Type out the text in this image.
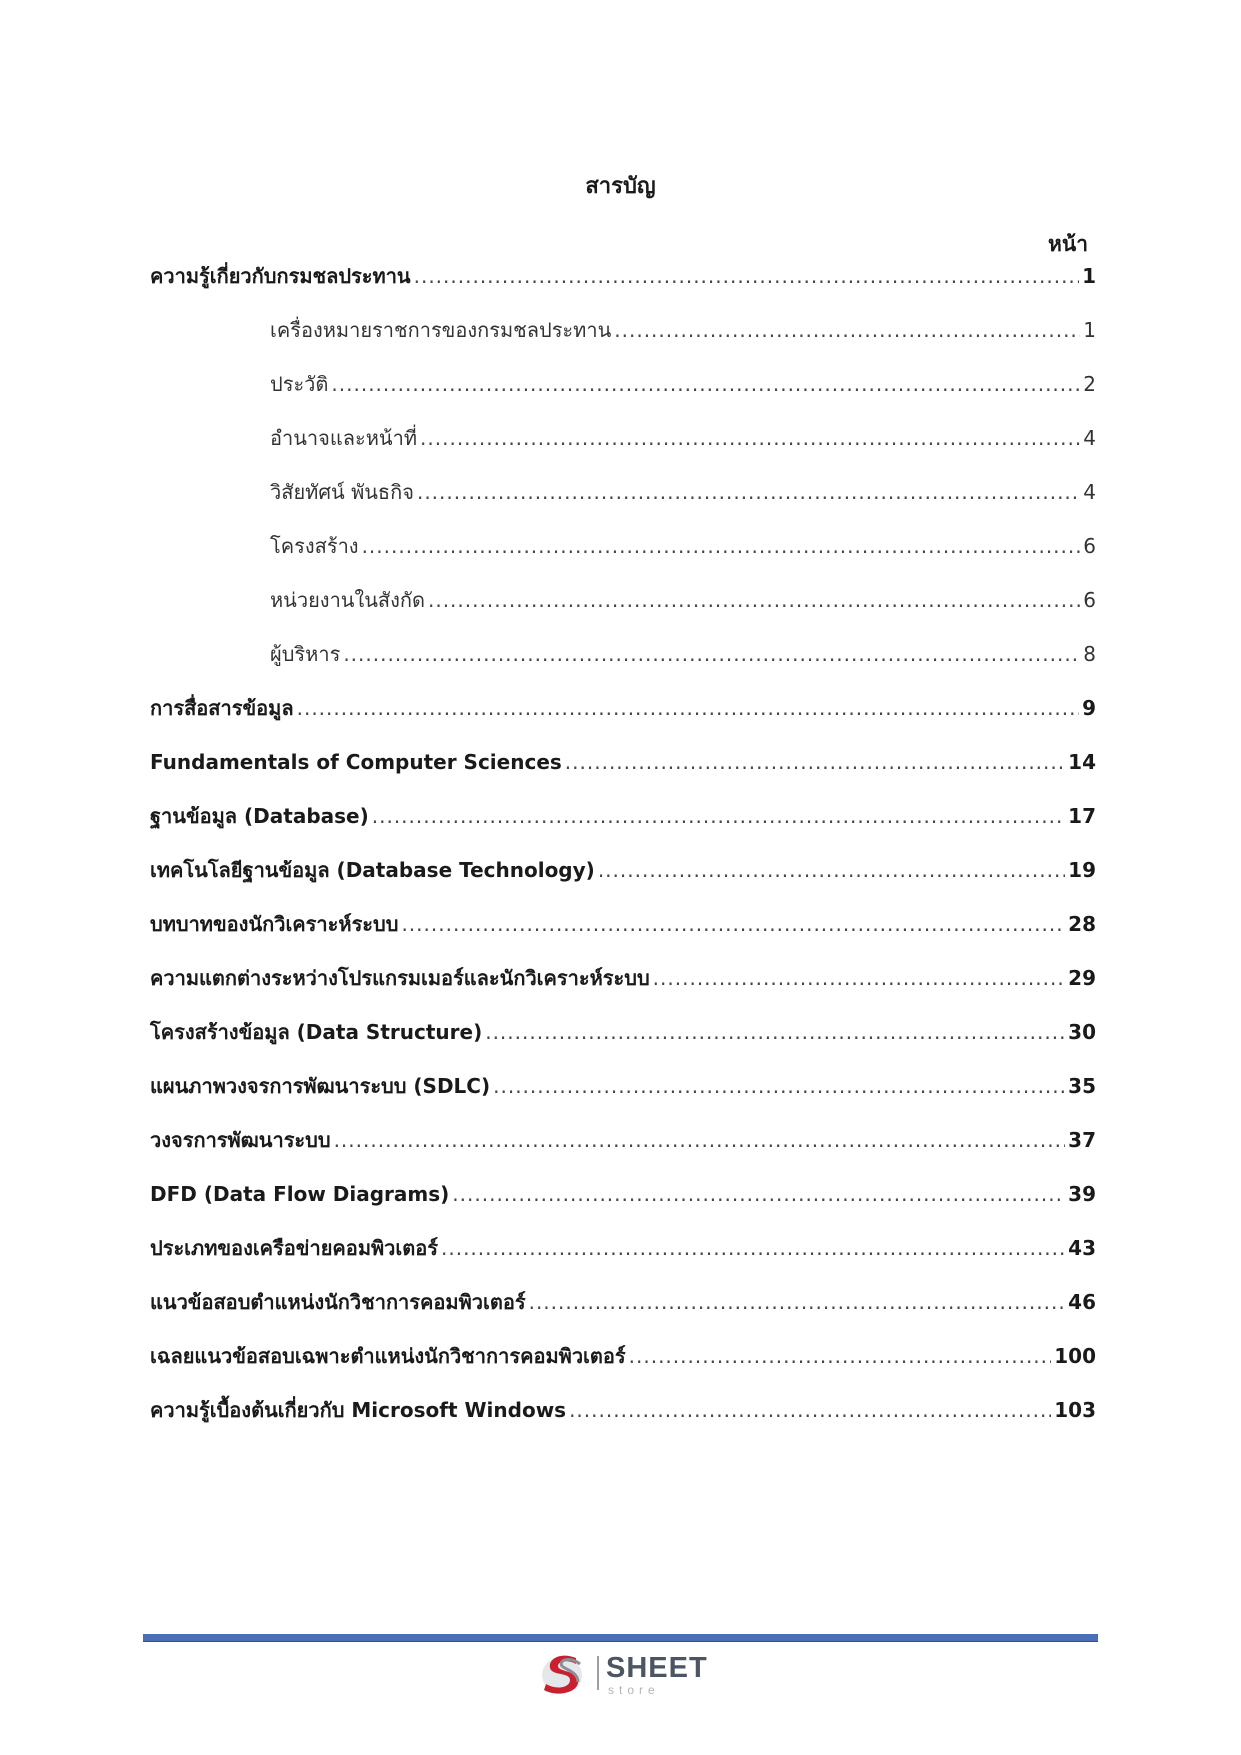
สารบัญ
หน้า
ความรู้เกี่ยวกับกรมชลประทาน .....	1
เครื่องหมายราชการของกรมชลประทาน .....	1
ประวัติ .....	2
อำนาจและหน้าที่ .....	4
วิสัยทัศน์ พันธกิจ .....	4
โครงสร้าง .....	6
หน่วยงานในสังกัด .....	6
ผู้บริหาร .....	8
การสื่อสารข้อมูล .....	9
Fundamentals of Computer Sciences .....	14
ฐานข้อมูล (Database) .....	17
เทคโนโลยีฐานข้อมูล (Database Technology) .....	19
บทบาทของนักวิเคราะห์ระบบ .....	28
ความแตกต่างระหว่างโปรแกรมเมอร์และนักวิเคราะห์ระบบ .....	29
โครงสร้างข้อมูล (Data Structure) .....	30
แผนภาพวงจรการพัฒนาระบบ (SDLC) .....	35
วงจรการพัฒนาระบบ .....	37
DFD (Data Flow Diagrams) .....	39
ประเภทของเครือข่ายคอมพิวเตอร์ .....	43
แนวข้อสอบตำแหน่งนักวิชาการคอมพิวเตอร์ .....	46
เฉลยแนวข้อสอบเฉพาะตำแหน่งนักวิชาการคอมพิวเตอร์ .....	100
ความรู้เบื้องต้นเกี่ยวกับ Microsoft Windows .....	103
SHEET
store
